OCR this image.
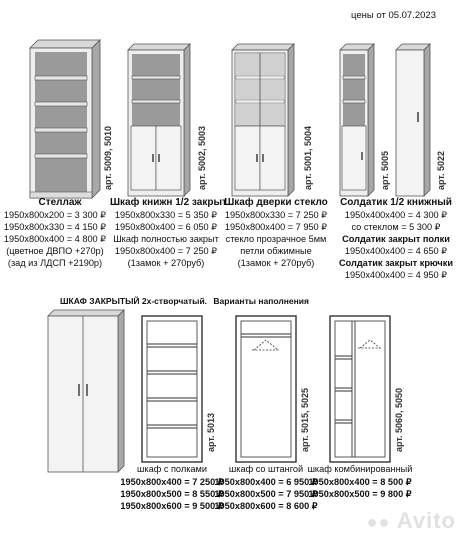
цены от 05.07.2023
арт. 5009, 5010	арт. 5002, 5003	арт. 5001, 5004	арт. 5005	арт. 5022
Стеллаж
1950x800x200 = 3 300 ₽
1950x800x330 = 4 150 ₽
1950x800x400 = 4 800 ₽
(цветное ДВПО +270р)
(зад из ЛДСП +2190р)
Шкаф книжн 1/2 закрыт
1950x800x330 = 5 350 ₽
1950x800x400 = 6 050 ₽
Шкаф полностью закрыт
1950x800x400 = 7 250 ₽
(1замок + 270руб)
Шкаф дверки стекло
1950x800x330 = 7 250 ₽
1950x800x400 = 7 950 ₽
стекло прозрачное 5мм
петли обжимные
(1замок + 270руб)
Солдатик 1/2 книжный
1950x400x400 = 4 300 ₽
со стеклом = 5 300 ₽
Солдатик закрыт полки
1950x400x400 = 4 650 ₽
Солдатик закрыт крючки
1950x400x400 = 4 950 ₽
ШКАФ ЗАКРЫТЫЙ 2х-створчатый. Варианты наполнения
арт. 5013	арт. 5015, 5025	арт. 5060, 5050
шкаф с полками
1950x800x400 = 7 250 ₽
1950x800x500 = 8 550 ₽
1950x800x600 = 9 500 ₽
шкаф со штангой
1950x800x400 = 6 950 ₽
1950x800x500 = 7 950 ₽
1950x800x600 = 8 600 ₽
шкаф комбинированный
1950x800x400 = 8 500 ₽
1950x800x500 = 9 800 ₽
●● Avito
